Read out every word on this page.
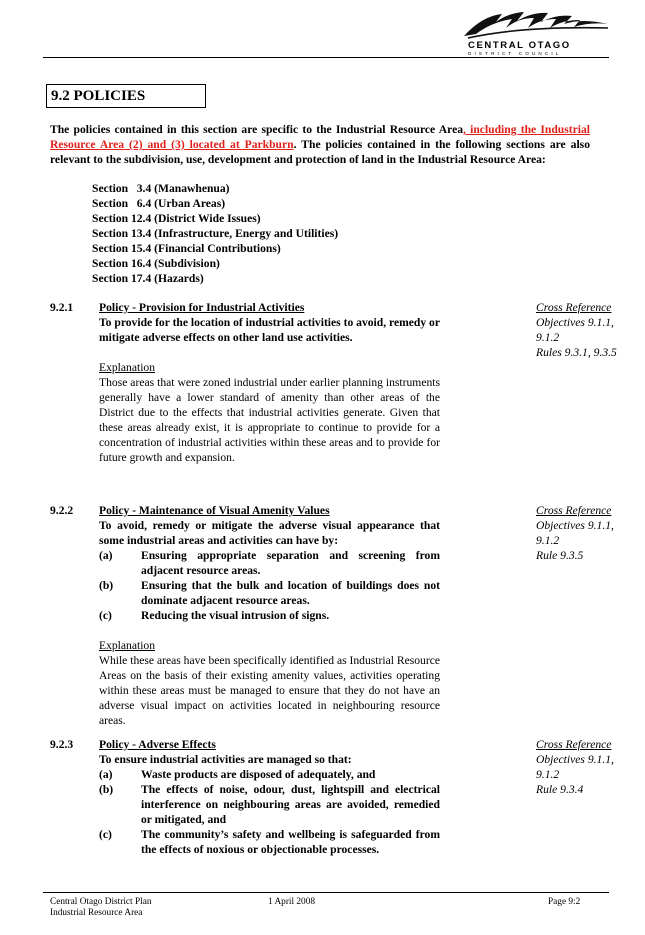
CENTRAL OTAGO
DISTRICT COUNCIL
9.2 POLICIES
The policies contained in this section are specific to the Industrial Resource Area, including the Industrial Resource Area (2) and (3) located at Parkburn. The policies contained in the following sections are also relevant to the subdivision, use, development and protection of land in the Industrial Resource Area:
Section   3.4 (Manawhenua)
Section   6.4 (Urban Areas)
Section 12.4 (District Wide Issues)
Section 13.4 (Infrastructure, Energy and Utilities)
Section 15.4 (Financial Contributions)
Section 16.4 (Subdivision)
Section 17.4 (Hazards)
9.2.1 Policy - Provision for Industrial Activities
To provide for the location of industrial activities to avoid, remedy or mitigate adverse effects on other land use activities.
Explanation
Those areas that were zoned industrial under earlier planning instruments generally have a lower standard of amenity than other areas of the District due to the effects that industrial activities generate. Given that these areas already exist, it is appropriate to continue to provide for a concentration of industrial activities within these areas and to provide for future growth and expansion.
Cross Reference
Objectives 9.1.1,
9.1.2
Rules 9.3.1, 9.3.5
9.2.2 Policy - Maintenance of Visual Amenity Values
To avoid, remedy or mitigate the adverse visual appearance that some industrial areas and activities can have by:
(a)	Ensuring appropriate separation and screening from adjacent resource areas.
(b)	Ensuring that the bulk and location of buildings does not dominate adjacent resource areas.
(c)	Reducing the visual intrusion of signs.
Explanation
While these areas have been specifically identified as Industrial Resource Areas on the basis of their existing amenity values, activities operating within these areas must be managed to ensure that they do not have an adverse visual impact on activities located in neighbouring resource areas.
Cross Reference
Objectives 9.1.1,
9.1.2
Rule 9.3.5
9.2.3 Policy - Adverse Effects
To ensure industrial activities are managed so that:
(a)	Waste products are disposed of adequately, and
(b)	The effects of noise, odour, dust, lightspill and electrical interference on neighbouring areas are avoided, remedied or mitigated, and
(c)	The community’s safety and wellbeing is safeguarded from the effects of noxious or objectionable processes.
Cross Reference
Objectives 9.1.1,
9.1.2
Rule 9.3.4
Central Otago District Plan
Industrial Resource Area
1 April 2008	Page 9:2
